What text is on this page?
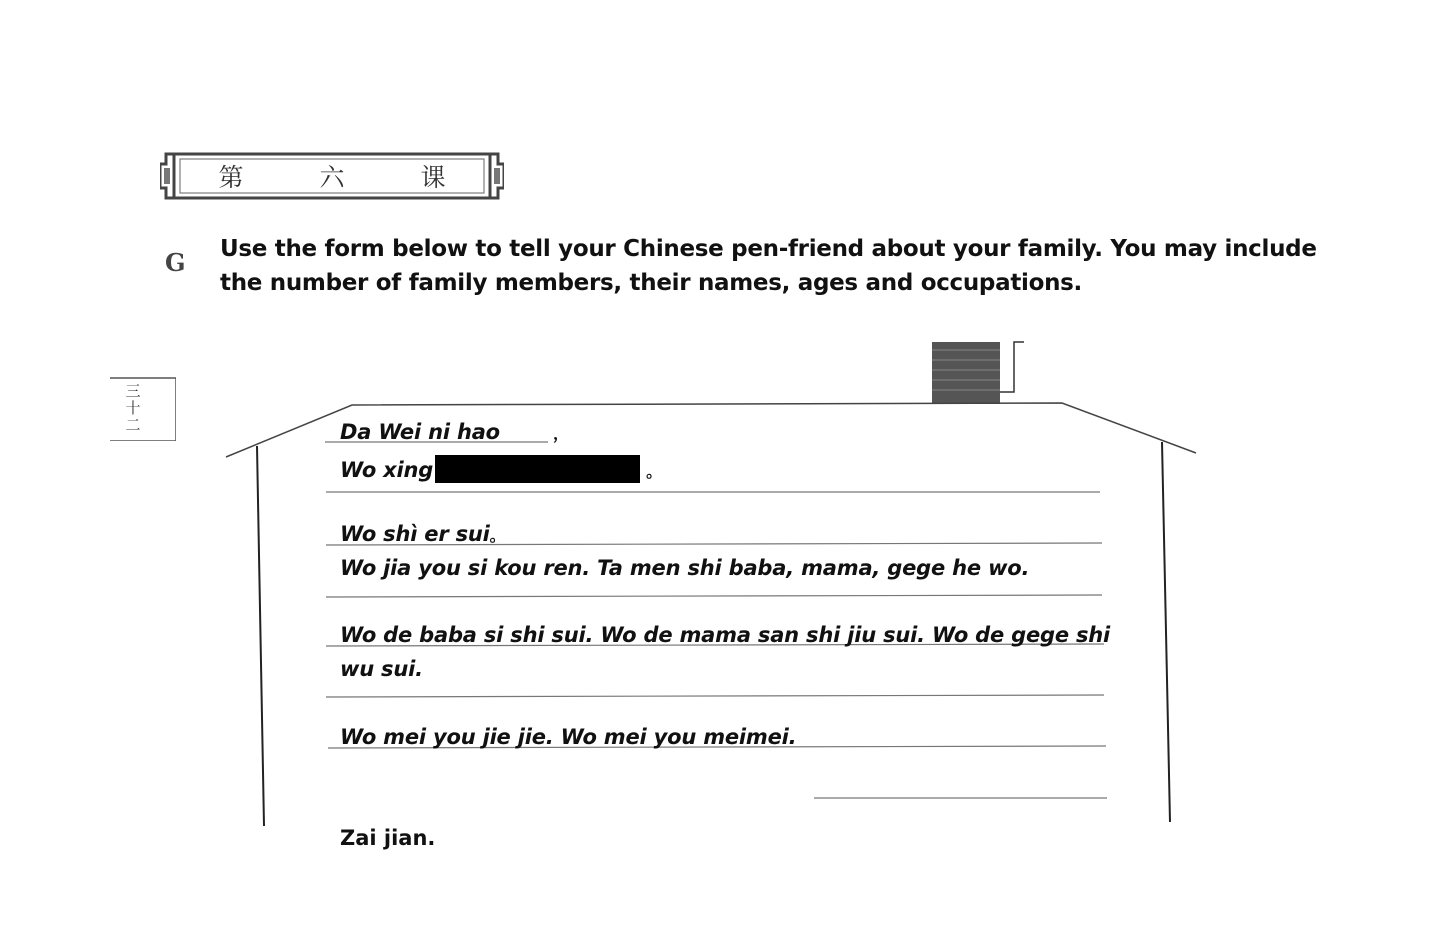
第 六 课
G Use the form below to tell your Chinese pen-friend about your family. You may include the number of family members, their names, ages and occupations.
三
十
二	Da Wei ni hao	，
Wo xing	。
Wo shì er sui。
Wo jia you si kou ren. Ta men shi baba, mama, gege he wo.
Wo de baba si shi sui. Wo de mama san shi jiu sui. Wo de gege shi
wu sui.
Wo mei you jie jie. Wo mei you meimei.
Zai jian.
